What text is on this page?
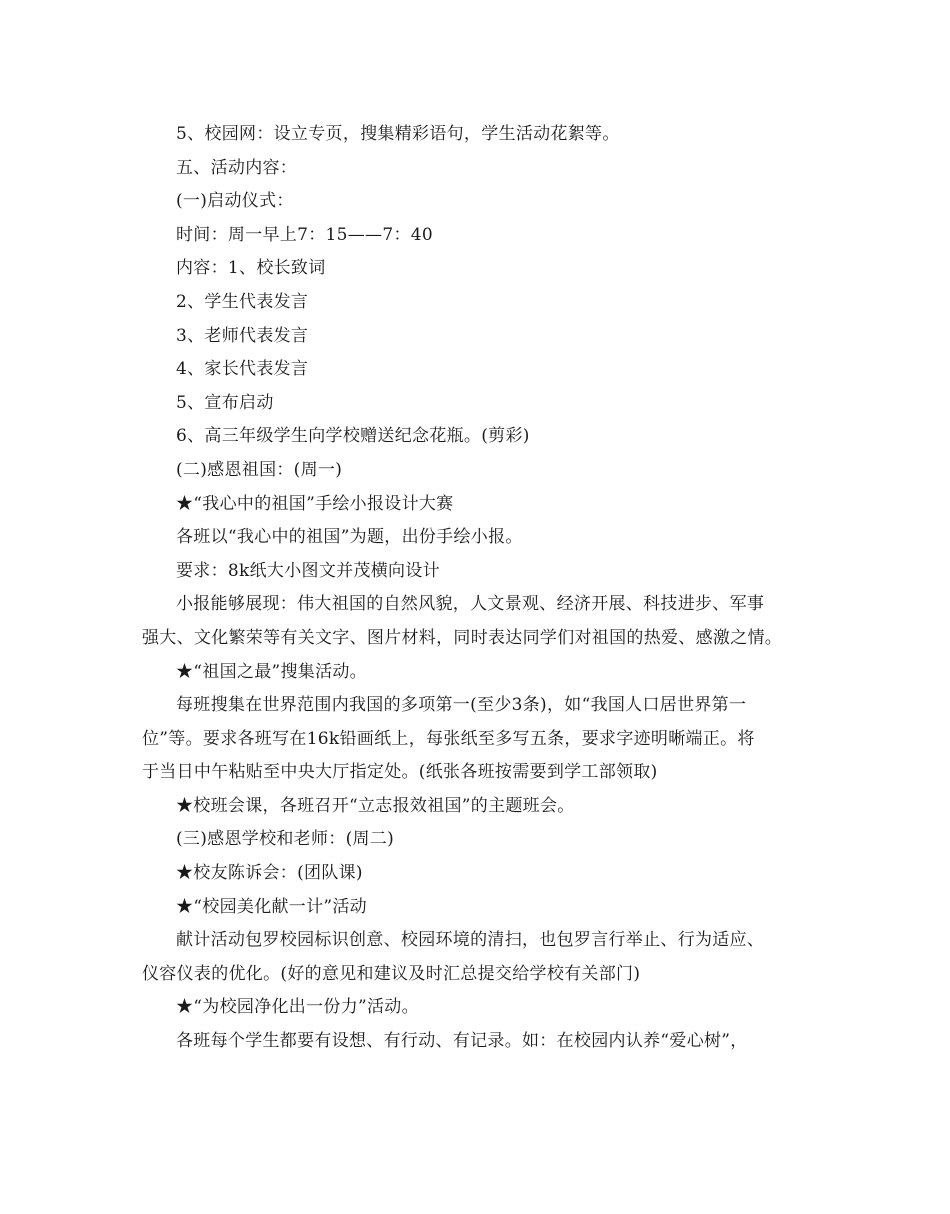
5、校园网：设立专页，搜集精彩语句，学生活动花絮等。
五、活动内容：
(一)启动仪式：
时间：周一早上7：15——7：40
内容：1、校长致词
2、学生代表发言
3、老师代表发言
4、家长代表发言
5、宣布启动
6、高三年级学生向学校赠送纪念花瓶。(剪彩)
(二)感恩祖国：(周一)
★“我心中的祖国”手绘小报设计大赛
各班以“我心中的祖国”为题，出份手绘小报。
要求：8k纸大小图文并茂横向设计
小报能够展现：伟大祖国的自然风貌，人文景观、经济开展、科技进步、军事
强大、文化繁荣等有关文字、图片材料，同时表达同学们对祖国的热爱、感激之情。
★“祖国之最”搜集活动。
每班搜集在世界范围内我国的多项第一(至少3条)，如“我国人口居世界第一
位”等。要求各班写在16k铅画纸上，每张纸至多写五条，要求字迹明晰端正。将
于当日中午粘贴至中央大厅指定处。(纸张各班按需要到学工部领取)
★校班会课，各班召开“立志报效祖国”的主题班会。
(三)感恩学校和老师：(周二)
★校友陈诉会：(团队课)
★“校园美化献一计”活动
献计活动包罗校园标识创意、校园环境的清扫，也包罗言行举止、行为适应、
仪容仪表的优化。(好的意见和建议及时汇总提交给学校有关部门)
★“为校园净化出一份力”活动。
各班每个学生都要有设想、有行动、有记录。如：在校园内认养“爱心树”，
